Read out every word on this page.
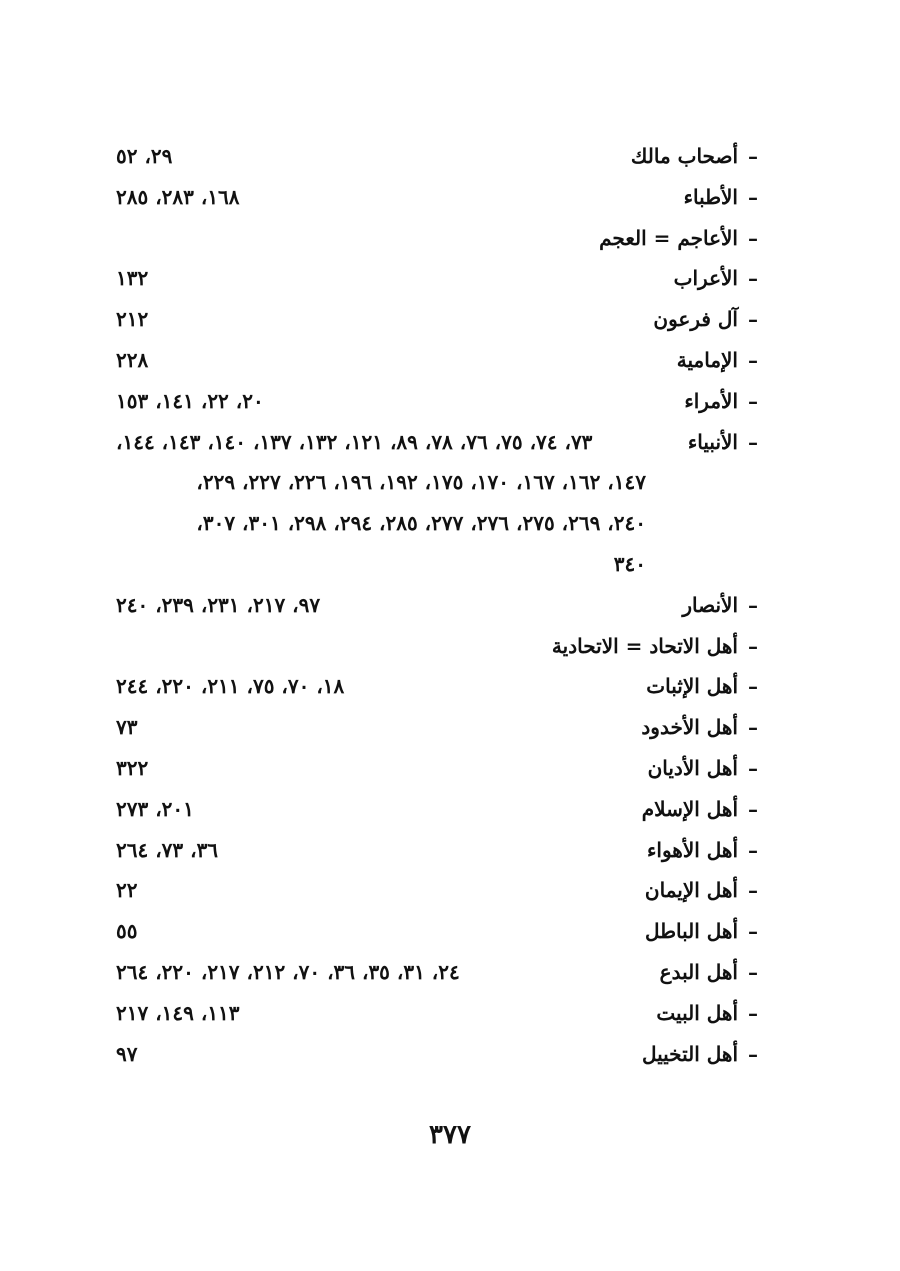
–
أصحاب مالك
٢٩، ٥٢
–
الأطباء
١٦٨، ٢٨٣، ٢٨٥
–
الأعاجم = العجم
–
الأعراب
١٣٢
–
آل فرعون
٢١٢
–
الإمامية
٢٢٨
–
الأمراء
٢٠، ٢٢، ١٤١، ١٥٣
–
الأنبياء
٧٣، ٧٤، ٧٥، ٧٦، ٧٨، ٨٩، ١٢١، ١٣٢، ١٣٧، ١٤٠، ١٤٣، ١٤٤،
١٤٧، ١٦٢، ١٦٧، ١٧٠، ١٧٥، ١٩٢، ١٩٦، ٢٢٦، ٢٢٧، ٢٢٩،
٢٤٠، ٢٦٩، ٢٧٥، ٢٧٦، ٢٧٧، ٢٨٥، ٢٩٤، ٢٩٨، ٣٠١، ٣٠٧،
٣٤٠
–
الأنصار
٩٧، ٢١٧، ٢٣١، ٢٣٩، ٢٤٠
–
أهل الاتحاد = الاتحادية
–
أهل الإثبات
١٨، ٧٠، ٧٥، ٢١١، ٢٢٠، ٢٤٤
–
أهل الأخدود
٧٣
–
أهل الأديان
٣٢٢
–
أهل الإسلام
٢٠١، ٢٧٣
–
أهل الأهواء
٣٦، ٧٣، ٢٦٤
–
أهل الإيمان
٢٢
–
أهل الباطل
٥٥
–
أهل البدع
٢٤، ٣١، ٣٥، ٣٦، ٧٠، ٢١٢، ٢١٧، ٢٢٠، ٢٦٤
–
أهل البيت
١١٣، ١٤٩، ٢١٧
–
أهل التخييل
٩٧
٣٧٧
